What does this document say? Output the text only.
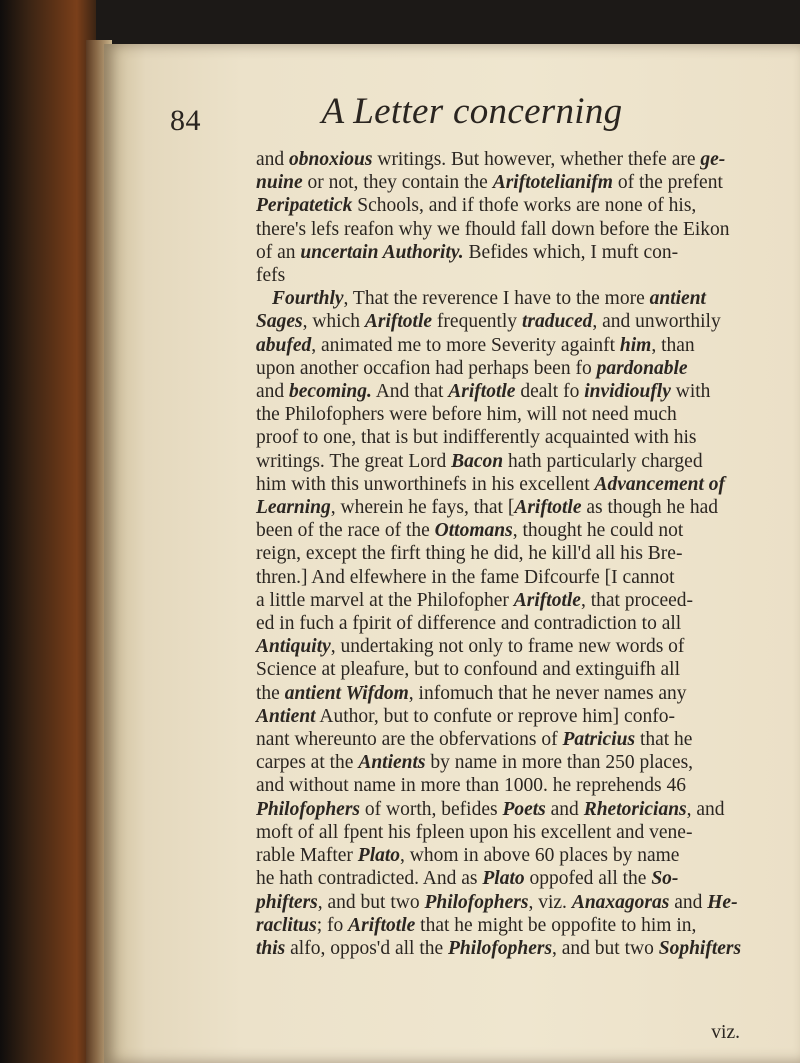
84	A Letter concerning
and obnoxious writings. But however, whether thefe are ge-
nuine or not, they contain the Ariftotelianifm of the prefent
Peripatetick Schools, and if thofe works are none of his,
there's lefs reafon why we fhould fall down before the Eikon
of an uncertain Authority. Befides which, I muft con-
fefs
Fourthly, That the reverence I have to the more antient
Sages, which Ariftotle frequently traduced, and unworthily
abufed, animated me to more Severity againft him, than
upon another occafion had perhaps been fo pardonable
and becoming. And that Ariftotle dealt fo invidioufly with
the Philofophers were before him, will not need much
proof to one, that is but indifferently acquainted with his
writings. The great Lord Bacon hath particularly charged
him with this unworthinefs in his excellent Advancement of
Learning, wherein he fays, that [Ariftotle as though he had
been of the race of the Ottomans, thought he could not
reign, except the firft thing he did, he kill'd all his Bre-
thren.] And elfewhere in the fame Difcourfe [I cannot
a little marvel at the Philofopher Ariftotle, that proceed-
ed in fuch a fpirit of difference and contradiction to all
Antiquity, undertaking not only to frame new words of
Science at pleafure, but to confound and extinguifh all
the antient Wifdom, infomuch that he never names any
Antient Author, but to confute or reprove him] confo-
nant whereunto are the obfervations of Patricius that he
carpes at the Antients by name in more than 250 places,
and without name in more than 1000. he reprehends 46
Philofophers of worth, befides Poets and Rhetoricians, and
moft of all fpent his fpleen upon his excellent and vene-
rable Mafter Plato, whom in above 60 places by name
he hath contradicted. And as Plato oppofed all the So-
phifters, and but two Philofophers, viz. Anaxagoras and He-
raclitus; fo Ariftotle that he might be oppofite to him in,
this alfo, oppos'd all the Philofophers, and but two Sophifters
viz.
